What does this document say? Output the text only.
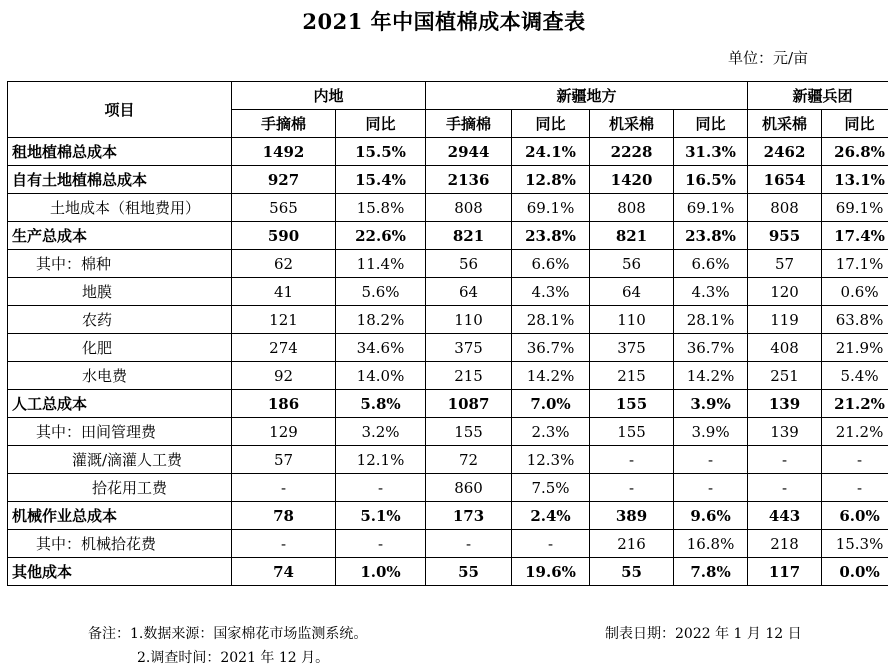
2021 年中国植棉成本调查表
单位：元/亩
项目	内地		新疆地方				新疆兵团	
	手摘棉	同比	手摘棉	同比	机采棉	同比	机采棉	同比
租地植棉总成本	1492	15.5%	2944	24.1%	2228	31.3%	2462	26.8%
自有土地植棉总成本	927	15.4%	2136	12.8%	1420	16.5%	1654	13.1%
土地成本（租地费用）	565	15.8%	808	69.1%	808	69.1%	808	69.1%
生产总成本	590	22.6%	821	23.8%	821	23.8%	955	17.4%
其中：棉种	62	11.4%	56	6.6%	56	6.6%	57	17.1%
地膜	41	5.6%	64	4.3%	64	4.3%	120	0.6%
农药	121	18.2%	110	28.1%	110	28.1%	119	63.8%
化肥	274	34.6%	375	36.7%	375	36.7%	408	21.9%
水电费	92	14.0%	215	14.2%	215	14.2%	251	5.4%
人工总成本	186	5.8%	1087	7.0%	155	3.9%	139	21.2%
其中：田间管理费	129	3.2%	155	2.3%	155	3.9%	139	21.2%
灌溉/滴灌人工费	57	12.1%	72	12.3%	-	-	-	-
拾花用工费	-	-	860	7.5%	-	-	-	-
机械作业总成本	78	5.1%	173	2.4%	389	9.6%	443	6.0%
其中：机械拾花费	-	-	-	-	216	16.8%	218	15.3%
其他成本	74	1.0%	55	19.6%	55	7.8%	117	0.0%
备注：1.数据来源：国家棉花市场监测系统。
2.调查时间：2021 年 12 月。
制表日期：2022 年 1 月 12 日
